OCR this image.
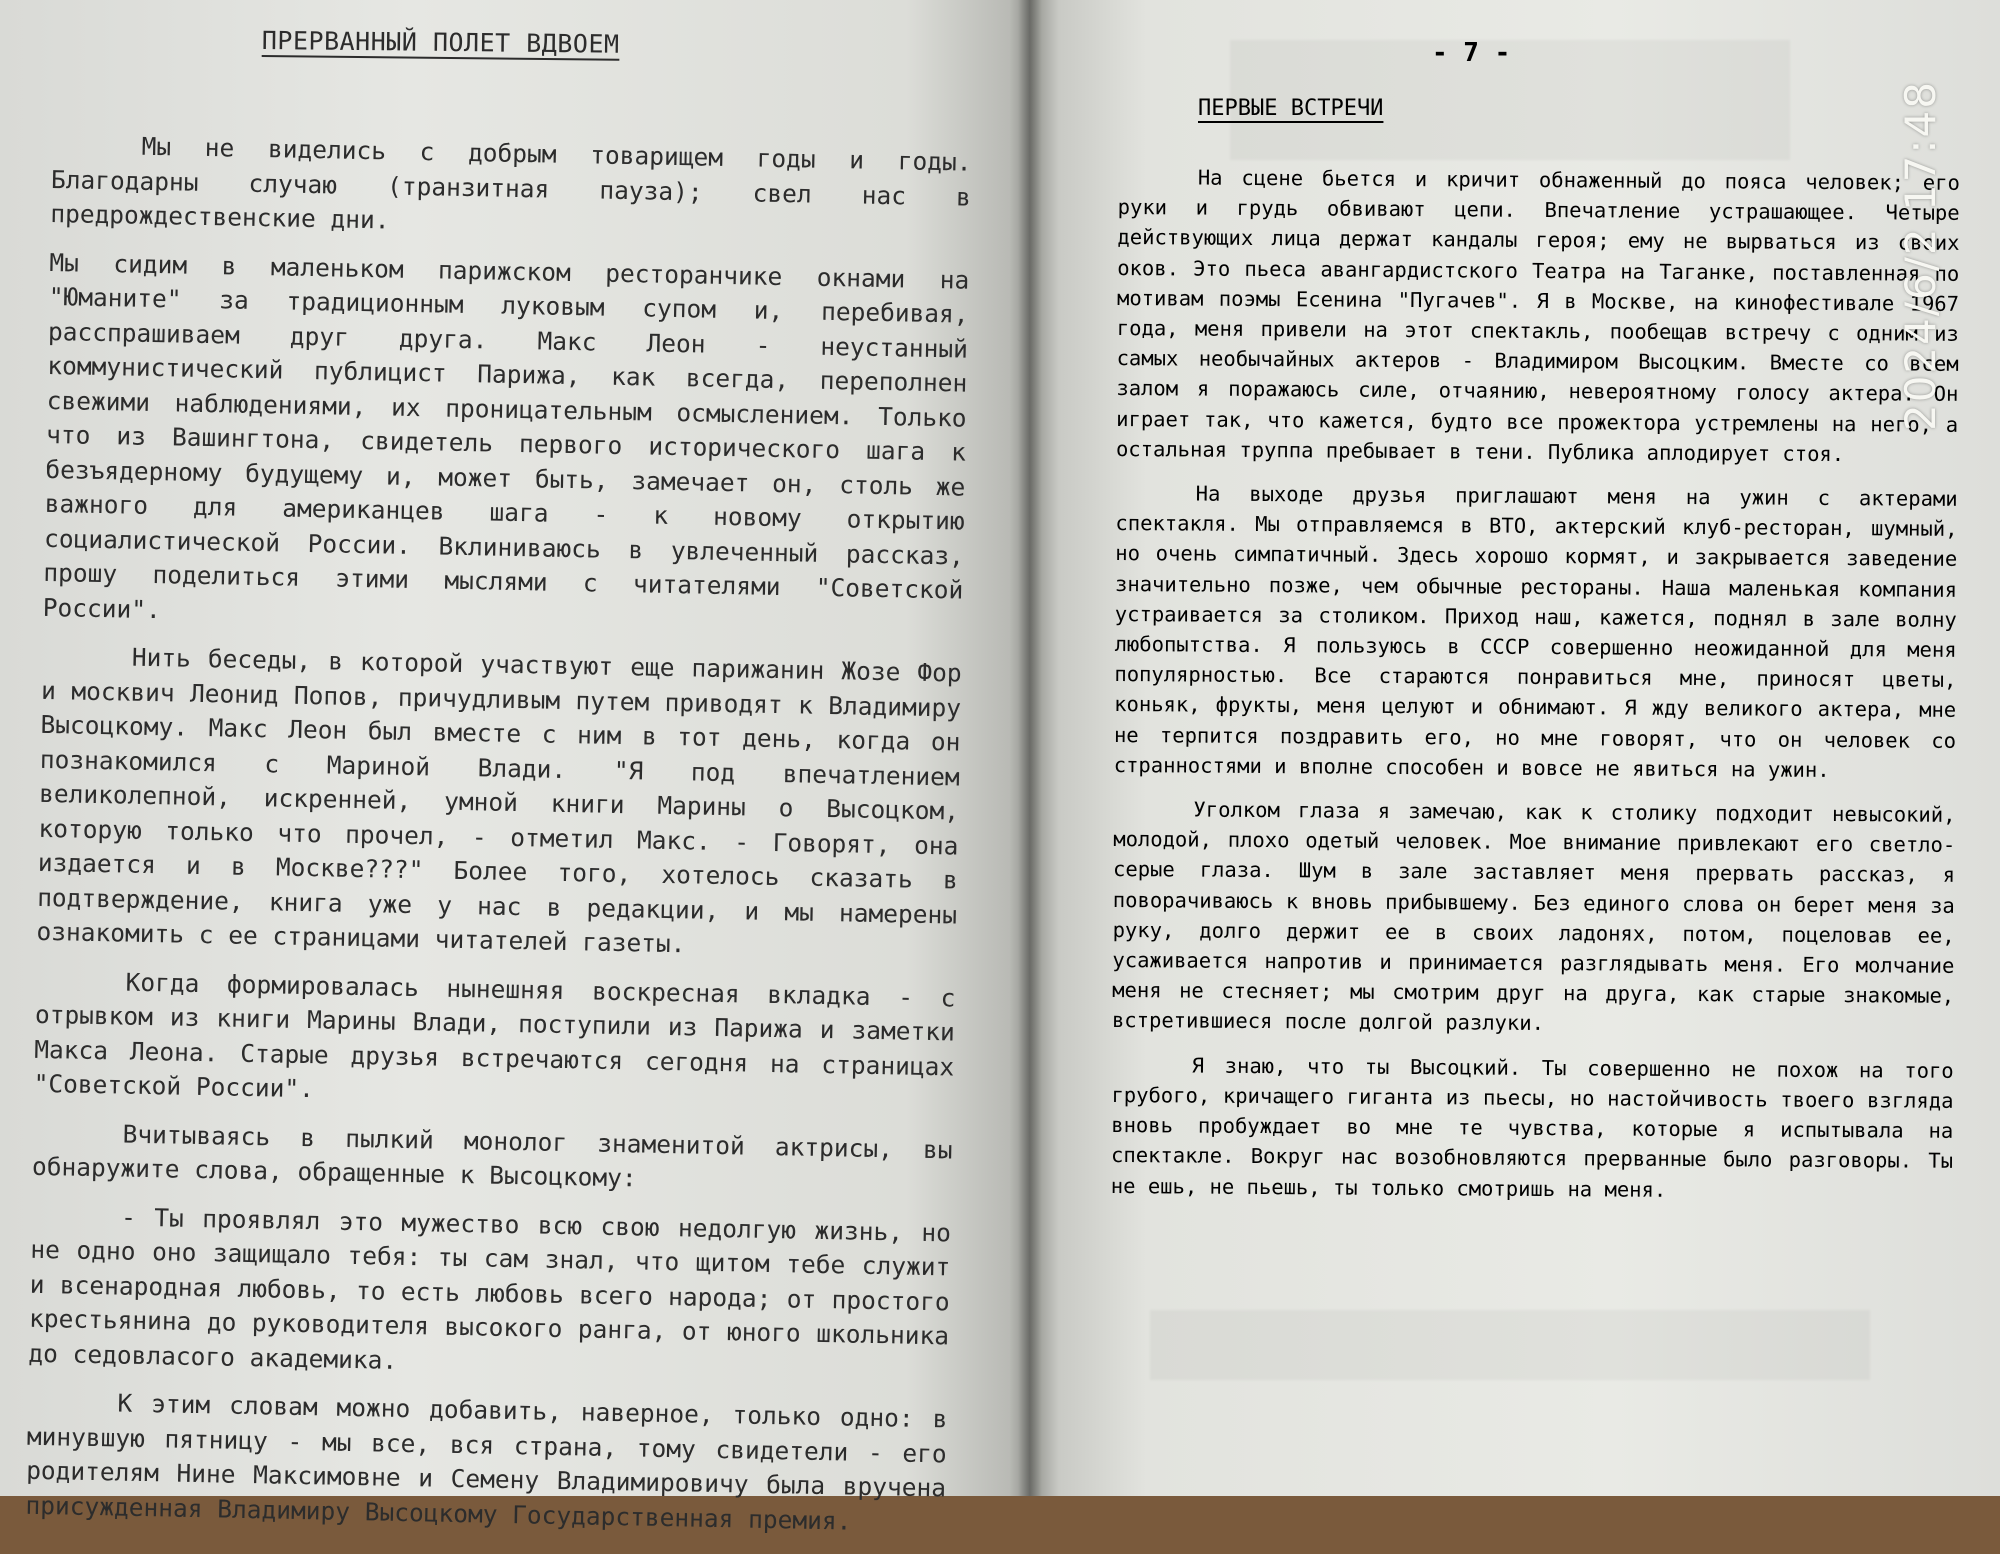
ПРЕРВАННЫЙ ПОЛЕТ ВДВОЕМ

Мы не виделись с добрым товарищем годы и годы. Благодарны случаю (транзитная пауза); свел нас в предрождественские дни.

Мы сидим в маленьком парижском ресторанчике окнами на "Юманите" за традиционным луковым супом и, перебивая, расспрашиваем друг друга. Макс Леон - неустанный коммунистический публицист Парижа, как всегда, переполнен свежими наблюдениями, их проницательным осмыслением. Только что из Вашингтона, свидетель первого исторического шага к безъядерному будущему и, может быть, замечает он, столь же важного для американцев шага - к новому открытию социалистической России. Вклиниваюсь в увлеченный рассказ, прошу поделиться этими мыслями с читателями "Советской России".

Нить беседы, в которой участвуют еще парижанин Жозе Фор и москвич Леонид Попов, причудливым путем приводят к Владимиру Высоцкому. Макс Леон был вместе с ним в тот день, когда он познакомился с Мариной Влади. "Я под впечатлением великолепной, искренней, умной книги Марины о Высоцком, которую только что прочел, - отметил Макс. - Говорят, она издается и в Москве???" Более того, хотелось сказать в подтверждение, книга уже у нас в редакции, и мы намерены ознакомить с ее страницами читателей газеты.

Когда формировалась нынешняя воскресная вкладка - с отрывком из книги Марины Влади, поступили из Парижа и заметки Макса Леона. Старые друзья встречаются сегодня на страницах "Советской России".

Вчитываясь в пылкий монолог знаменитой актрисы, вы обнаружите слова, обращенные к Высоцкому:

- Ты проявлял это мужество всю свою недолгую жизнь, но не одно оно защищало тебя: ты сам знал, что щитом тебе служит и всенародная любовь, то есть любовь всего народа; от простого крестьянина до руководителя высокого ранга, от юного школьника до седовласого академика.

К этим словам можно добавить, наверное, только одно: в минувшую пятницу - мы все, вся страна, тому свидетели - его родителям Нине Максимовне и Семену Владимировичу была вручена присужденная Владимиру Высоцкому Государственная премия.

- 7 -
ПЕРВЫЕ ВСТРЕЧИ

На сцене бьется и кричит обнаженный до пояса человек; его руки и грудь обвивают цепи. Впечатление устрашающее. Четыре действующих лица держат кандалы героя; ему не вырваться из своих оков. Это пьеса авангардистского Театра на Таганке, поставленная по мотивам поэмы Есенина "Пугачев". Я в Москве, на кинофестивале 1967 года, меня привели на этот спектакль, пообещав встречу с одним из самых необычайных актеров - Владимиром Высоцким. Вместе со всем залом я поражаюсь силе, отчаянию, невероятному голосу актера. Он играет так, что кажется, будто все прожектора устремлены на него, а остальная труппа пребывает в тени. Публика аплодирует стоя.

На выходе друзья приглашают меня на ужин с актерами спектакля. Мы отправляемся в ВТО, актерский клуб-ресторан, шумный, но очень симпатичный. Здесь хорошо кормят, и закрывается заведение значительно позже, чем обычные рестораны. Наша маленькая компания устраивается за столиком. Приход наш, кажется, поднял в зале волну любопытства. Я пользуюсь в СССР совершенно неожиданной для меня популярностью. Все стараются понравиться мне, приносят цветы, коньяк, фрукты, меня целуют и обнимают. Я жду великого актера, мне не терпится поздравить его, но мне говорят, что он человек со странностями и вполне способен и вовсе не явиться на ужин.

Уголком глаза я замечаю, как к столику подходит невысокий, молодой, плохо одетый человек. Мое внимание привлекают его светло-серые глаза. Шум в зале заставляет меня прервать рассказ, я поворачиваюсь к вновь прибывшему. Без единого слова он берет меня за руку, долго держит ее в своих ладонях, потом, поцеловав ее, усаживается напротив и принимается разглядывать меня. Его молчание меня не стесняет; мы смотрим друг на друга, как старые знакомые, встретившиеся после долгой разлуки.

Я знаю, что ты Высоцкий. Ты совершенно не похож на того грубого, кричащего гиганта из пьесы, но настойчивость твоего взгляда вновь пробуждает во мне те чувства, которые я испытывала на спектакле. Вокруг нас возобновляются прерванные было разговоры. Ты не ешь, не пьешь, ты только смотришь на меня.

2024/6/2 17:48
